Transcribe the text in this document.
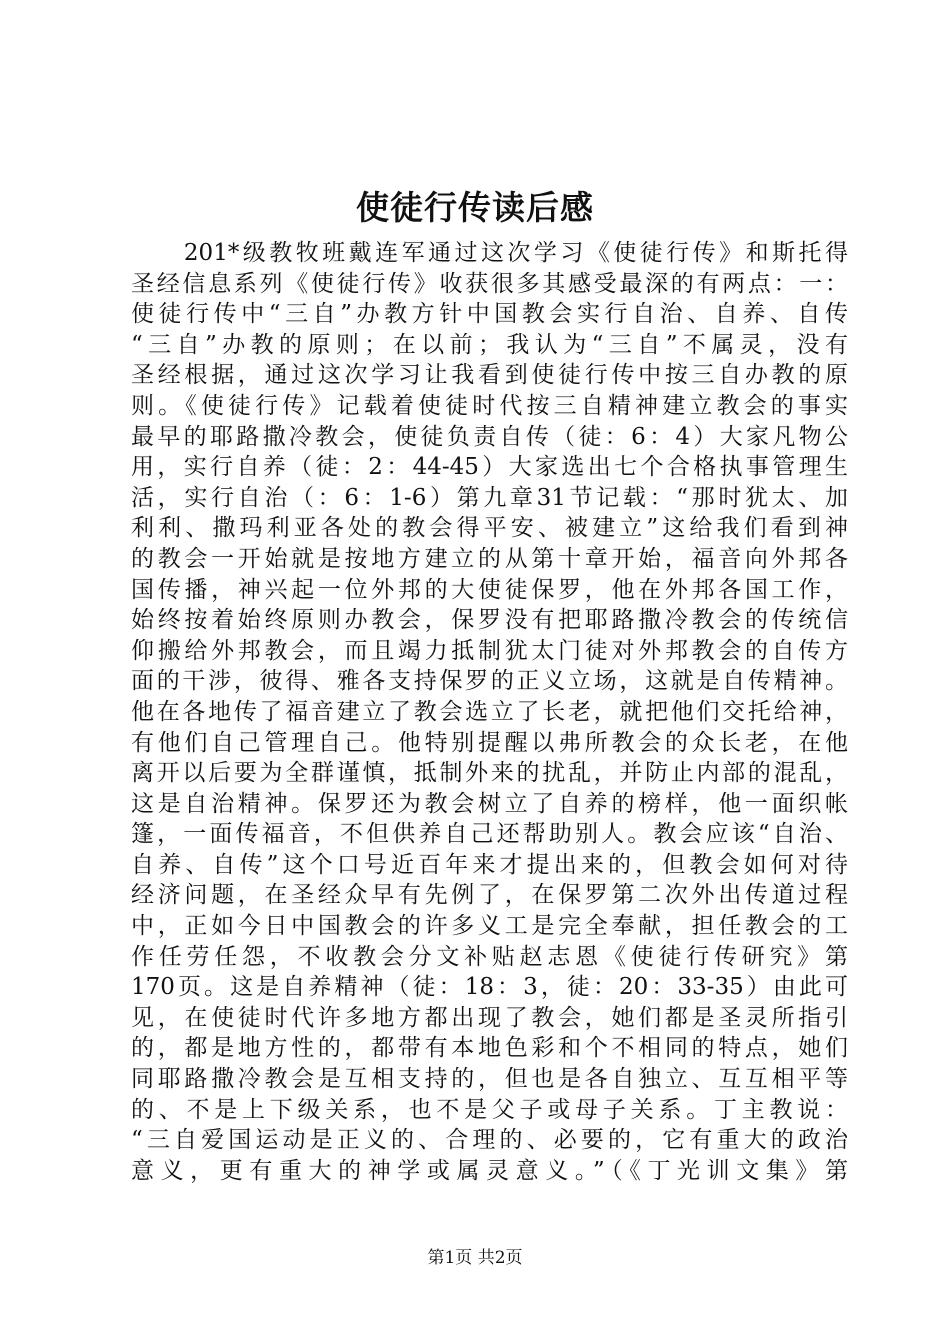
使徒行传读后感
　　201*级教牧班戴连军通过这次学习《使徒行传》和斯托得
圣经信息系列《使徒行传》收获很多其感受最深的有两点：一：
使徒行传中“三自”办教方针中国教会实行自治、自养、自传
“三自”办教的原则；在以前；我认为“三自”不属灵，没有
圣经根据，通过这次学习让我看到使徒行传中按三自办教的原
则。《使徒行传》记载着使徒时代按三自精神建立教会的事实
最早的耶路撒冷教会，使徒负责自传（徒：6：4）大家凡物公
用，实行自养（徒：2：44-45）大家选出七个合格执事管理生
活，实行自治（：6：1-6）第九章31节记载：“那时犹太、加
利利、撒玛利亚各处的教会得平安、被建立”这给我们看到神
的教会一开始就是按地方建立的从第十章开始，福音向外邦各
国传播，神兴起一位外邦的大使徒保罗，他在外邦各国工作，
始终按着始终原则办教会，保罗没有把耶路撒冷教会的传统信
仰搬给外邦教会，而且竭力抵制犹太门徒对外邦教会的自传方
面的干涉，彼得、雅各支持保罗的正义立场，这就是自传精神。
他在各地传了福音建立了教会选立了长老，就把他们交托给神，
有他们自己管理自己。他特别提醒以弗所教会的众长老，在他
离开以后要为全群谨慎，抵制外来的扰乱，并防止内部的混乱，
这是自治精神。保罗还为教会树立了自养的榜样，他一面织帐
篷，一面传福音，不但供养自己还帮助别人。教会应该“自治、
自养、自传”这个口号近百年来才提出来的，但教会如何对待
经济问题，在圣经众早有先例了，在保罗第二次外出传道过程
中，正如今日中国教会的许多义工是完全奉献，担任教会的工
作任劳任怨，不收教会分文补贴赵志恩《使徒行传研究》第
170页。这是自养精神（徒：18：3，徒：20：33-35）由此可
见，在使徒时代许多地方都出现了教会，她们都是圣灵所指引
的，都是地方性的，都带有本地色彩和个不相同的特点，她们
同耶路撒冷教会是互相支持的，但也是各自独立、互互相平等
的、不是上下级关系，也不是父子或母子关系。丁主教说：
“三自爱国运动是正义的、合理的、必要的，它有重大的政治
意义，更有重大的神学或属灵意义。”（《丁光训文集》第
第1页 共2页
